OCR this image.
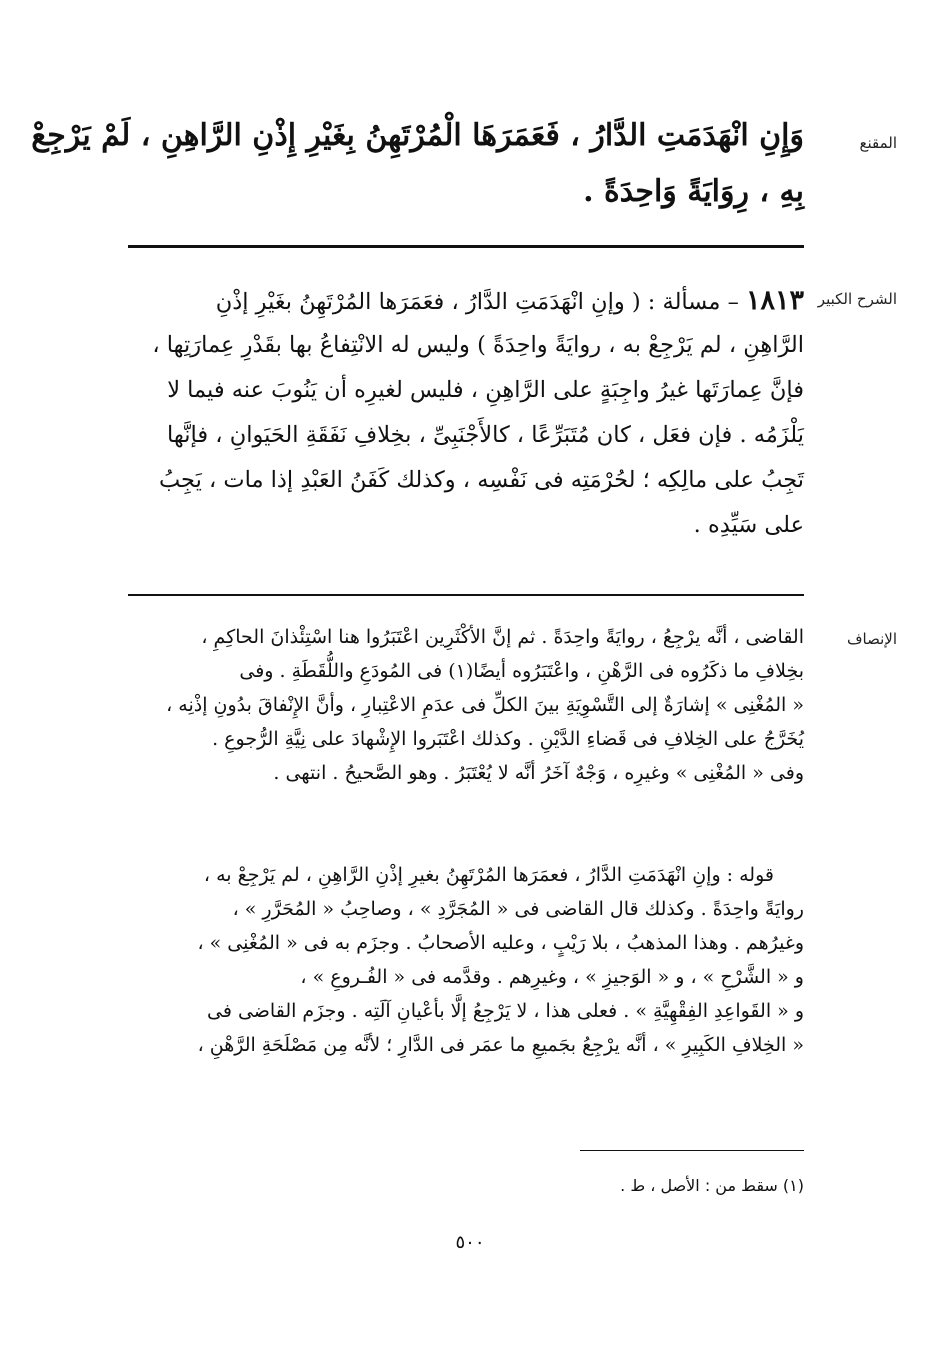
المقنع
وَإِنِ انْهَدَمَتِ الدَّارُ ، فَعَمَرَهَا الْمُرْتَهِنُ بِغَيْرِ إِذْنِ الرَّاهِنِ ، لَمْ يَرْجِعْ
بِهِ ، رِوَايَةً وَاحِدَةً .
الشرح الكبير
١٨١٣ – مسألة : ( وإنِ انْهَدَمَتِ الدَّارُ ، فعَمَرَها المُرْتَهِنُ بغَيْرِ إذْنِ
الرَّاهِنِ ، لم يَرْجِعْ به ، روايَةً واحِدَةً ) وليس له الانْتِفاعُ بها بقَدْرِ عِمارَتِها ،
فإنَّ عِمارَتَها غيرُ واجِبَةٍ على الرَّاهِنِ ، فليس لغيرِه أن يَنُوبَ عنه فيما لا
يَلْزَمُه . فإن فعَل ، كان مُتَبَرِّعًا ، كالأَجْنَبِىِّ ، بخِلافِ نَفَقَةِ الحَيَوانِ ، فإنَّها
تَجِبُ على مالِكِه ؛ لحُرْمَتِه فى نَفْسِه ، وكذلك كَفَنُ العَبْدِ إذا مات ، يَجِبُ
على سَيِّدِه .
الإنصاف
القاضى ، أنَّه يرْجِعُ ، روايَةً واحِدَةً . ثم إنَّ الأكْثَرِين اعْتَبَرُوا هنا اسْتِئْذانَ الحاكِمِ ،
بخِلافِ ما ذكَرُوه فى الرَّهْنِ ، واعْتَبَرُوه أيضًا(١) فى المُودَعِ واللُّقَطَةِ . وفى
« المُغْنِى » إشارَةٌ إلى التَّسْوِيَةِ بينَ الكلِّ فى عدَمِ الاعْتِبارِ ، وأنَّ الإِنْفاقَ بدُونِ إذْنِه ،
يُخَرَّجُ على الخِلافِ فى قَضاءِ الدَّيْنِ . وكذلك اعْتَبَروا الإِشْهادَ على نِيَّةِ الرُّجوعِ .
وفى « المُغْنِى » وغيرِه ، وَجْهٌ آخَرُ أنَّه لا يُعْتَبَرُ . وهو الصَّحيحُ . انتهى .
قوله : وإنِ انْهَدَمَتِ الدَّارُ ، فعمَرَها المُرْتَهِنُ بغيرِ إذْنِ الرَّاهِنِ ، لم يَرْجِعْ به ،
روايَةً واحِدَةً . وكذلك قال القاضى فى « المُجَرَّدِ » ، وصاحِبُ « المُحَرَّرِ » ،
وغيرُهم . وهذا المذهبُ ، بلا رَيْبٍ ، وعليه الأصحابُ . وجزَم به فى « المُغْنِى » ،
و « الشَّرْحِ » ، و « الوَجيزِ » ، وغيرِهم . وقدَّمه فى « الفُـروعِ » ،
و « القَواعِدِ الفِقْهِيَّةِ » . فعلى هذا ، لا يَرْجِعُ إلَّا بأعْيانِ آلَتِه . وجزَم القاضى فى
« الخِلافِ الكَبِيرِ » ، أنَّه يرْجِعُ بجَميعِ ما عمَر فى الدَّارِ ؛ لأنَّه مِن مَصْلَحَةِ الرَّهْنِ ،
(١) سقط من : الأصل ، ط .
٥٠٠
